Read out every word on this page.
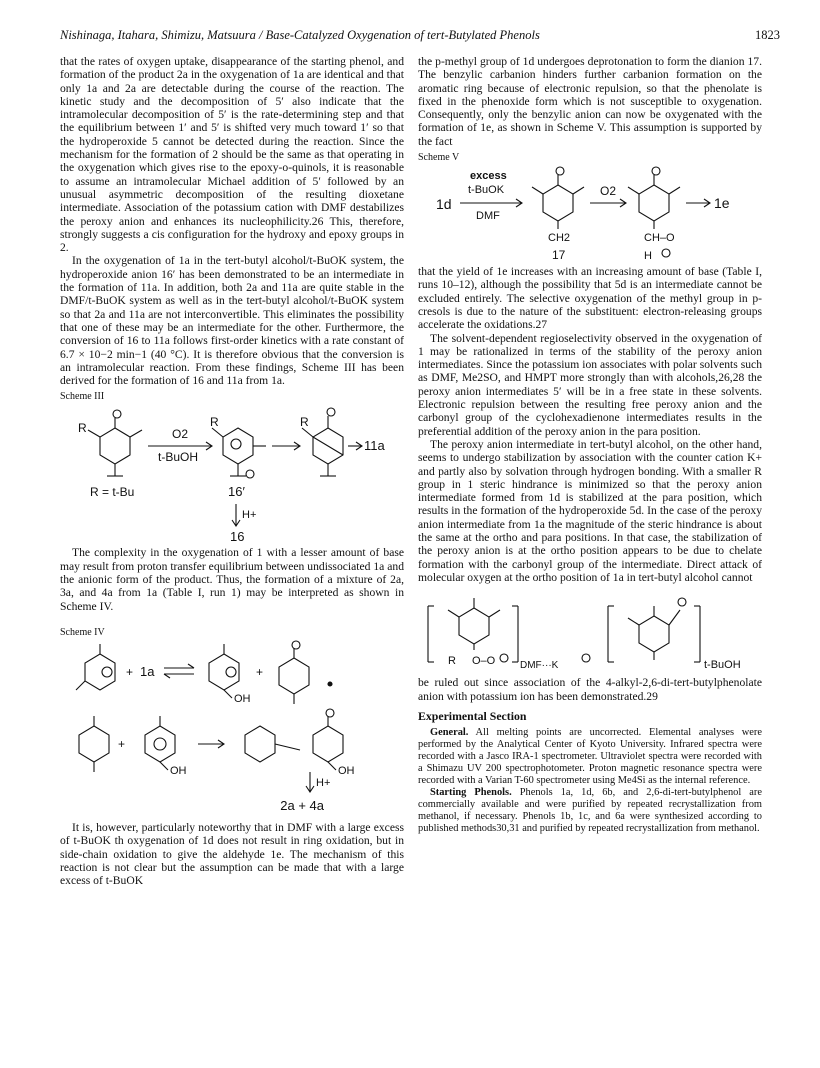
Nishinaga, Itahara, Shimizu, Matsuura / Base-Catalyzed Oxygenation of tert-Butylated Phenols	1823

that the rates of oxygen uptake, disappearance of the starting phenol, and formation of the product 2a in the oxygenation of 1a are identical and that only 1a and 2a are detectable during the course of the reaction. The kinetic study and the decomposition of 5′ also indicate that the intramolecular decomposition of 5′ is the rate-determining step and that the equilibrium between 1′ and 5′ is shifted very much toward 1′ so that the hydroperoxide 5 cannot be detected during the reaction. Since the mechanism for the formation of 2 should be the same as that operating in the oxygenation which gives rise to the epoxy-o-quinols, it is reasonable to assume an intramolecular Michael addition of 5′ followed by an unusual asymmetric decomposition of the resulting dioxetane intermediate. Association of the potassium cation with DMF destabilizes the peroxy anion and enhances its nucleophilicity.26 This, therefore, strongly suggests a cis configuration for the hydroxy and epoxy groups in 2.

In the oxygenation of 1a in the tert-butyl alcohol/t-BuOK system, the hydroperoxide anion 16′ has been demonstrated to be an intermediate in the formation of 11a. In addition, both 2a and 11a are quite stable in the DMF/t-BuOK system as well as in the tert-butyl alcohol/t-BuOK system so that 2a and 11a are not interconvertible. This eliminates the possibility that one of these may be an intermediate for the other. Furthermore, the conversion of 16 to 11a follows first-order kinetics with a rate constant of 6.7 × 10−2 min−1 (40 °C). It is therefore obvious that the conversion is an intramolecular reaction. From these findings, Scheme III has been derived for the formation of 16 and 11a from 1a.

Scheme III
R	O2
t-BuOH
R	R
11a
R = t-Bu	16′
H+
16

The complexity in the oxygenation of 1 with a lesser amount of base may result from proton transfer equilibrium between undissociated 1a and the anionic form of the product. Thus, the formation of a mixture of 2a, 3a, and 4a from 1a (Table I, run 1) may be interpreted as shown in Scheme IV.

Scheme IV
+ 1a
OH
+
+
OH	OH
H+
2a + 4a

It is, however, particularly noteworthy that in DMF with a large excess of t-BuOK th oxygenation of 1d does not result in ring oxidation, but in side-chain oxidation to give the aldehyde 1e. The mechanism of this reaction is not clear but the assumption can be made that with a large excess of t-BuOK

the p-methyl group of 1d undergoes deprotonation to form the dianion 17. The benzylic carbanion hinders further carbanion formation on the aromatic ring because of electronic repulsion, so that the phenolate is fixed in the phenoxide form which is not susceptible to oxygenation. Consequently, only the benzylic anion can now be oxygenated with the formation of 1e, as shown in Scheme V. This assumption is supported by the fact

Scheme V
1d
excess
t-BuOK
DMF
CH2
17
O2
CH–O
H
1e

that the yield of 1e increases with an increasing amount of base (Table I, runs 10–12), although the possibility that 5d is an intermediate cannot be excluded entirely. The selective oxygenation of the methyl group in p-cresols is due to the nature of the substituent: electron-releasing groups accelerate the oxidations.27

The solvent-dependent regioselectivity observed in the oxygenation of 1 may be rationalized in terms of the stability of the peroxy anion intermediates. Since the potassium ion associates with polar solvents such as DMF, Me2SO, and HMPT more strongly than with alcohols,26,28 the peroxy anion intermediates 5′ will be in a free state in these solvents. Electronic repulsion between the resulting free peroxy anion and the carbonyl group of the cyclohexadienone intermediates results in the preferential addition of the peroxy anion in the para position.

The peroxy anion intermediate in tert-butyl alcohol, on the other hand, seems to undergo stabilization by association with the counter cation K+ and partly also by solvation through hydrogen bonding. With a smaller R group in 1 steric hindrance is minimized so that the peroxy anion intermediate formed from 1d is stabilized at the para position, which results in the formation of the hydroperoxide 5d. In the case of the peroxy anion intermediate from 1a the magnitude of the steric hindrance is about the same at the ortho and para positions. In that case, the stabilization of the peroxy anion is at the ortho position appears to be due to chelate formation with the carbonyl group of the intermediate. Direct attack of molecular oxygen at the ortho position of 1a in tert-butyl alcohol cannot

R O–O DMF···K	t-BuOH

be ruled out since association of the 4-alkyl-2,6-di-tert-butylphenolate anion with potassium ion has been demonstrated.29

Experimental Section

General. All melting points are uncorrected. Elemental analyses were performed by the Analytical Center of Kyoto University. Infrared spectra were recorded with a Jasco IRA-1 spectrometer. Ultraviolet spectra were recorded with a Shimazu UV 200 spectrophotometer. Proton magnetic resonance spectra were recorded with a Varian T-60 spectrometer using Me4Si as the internal reference.

Starting Phenols. Phenols 1a, 1d, 6b, and 2,6-di-tert-butylphenol are commercially available and were purified by repeated recrystallization from methanol, if necessary. Phenols 1b, 1c, and 6a were synthesized according to published methods30,31 and purified by repeated recrystallization from methanol.
